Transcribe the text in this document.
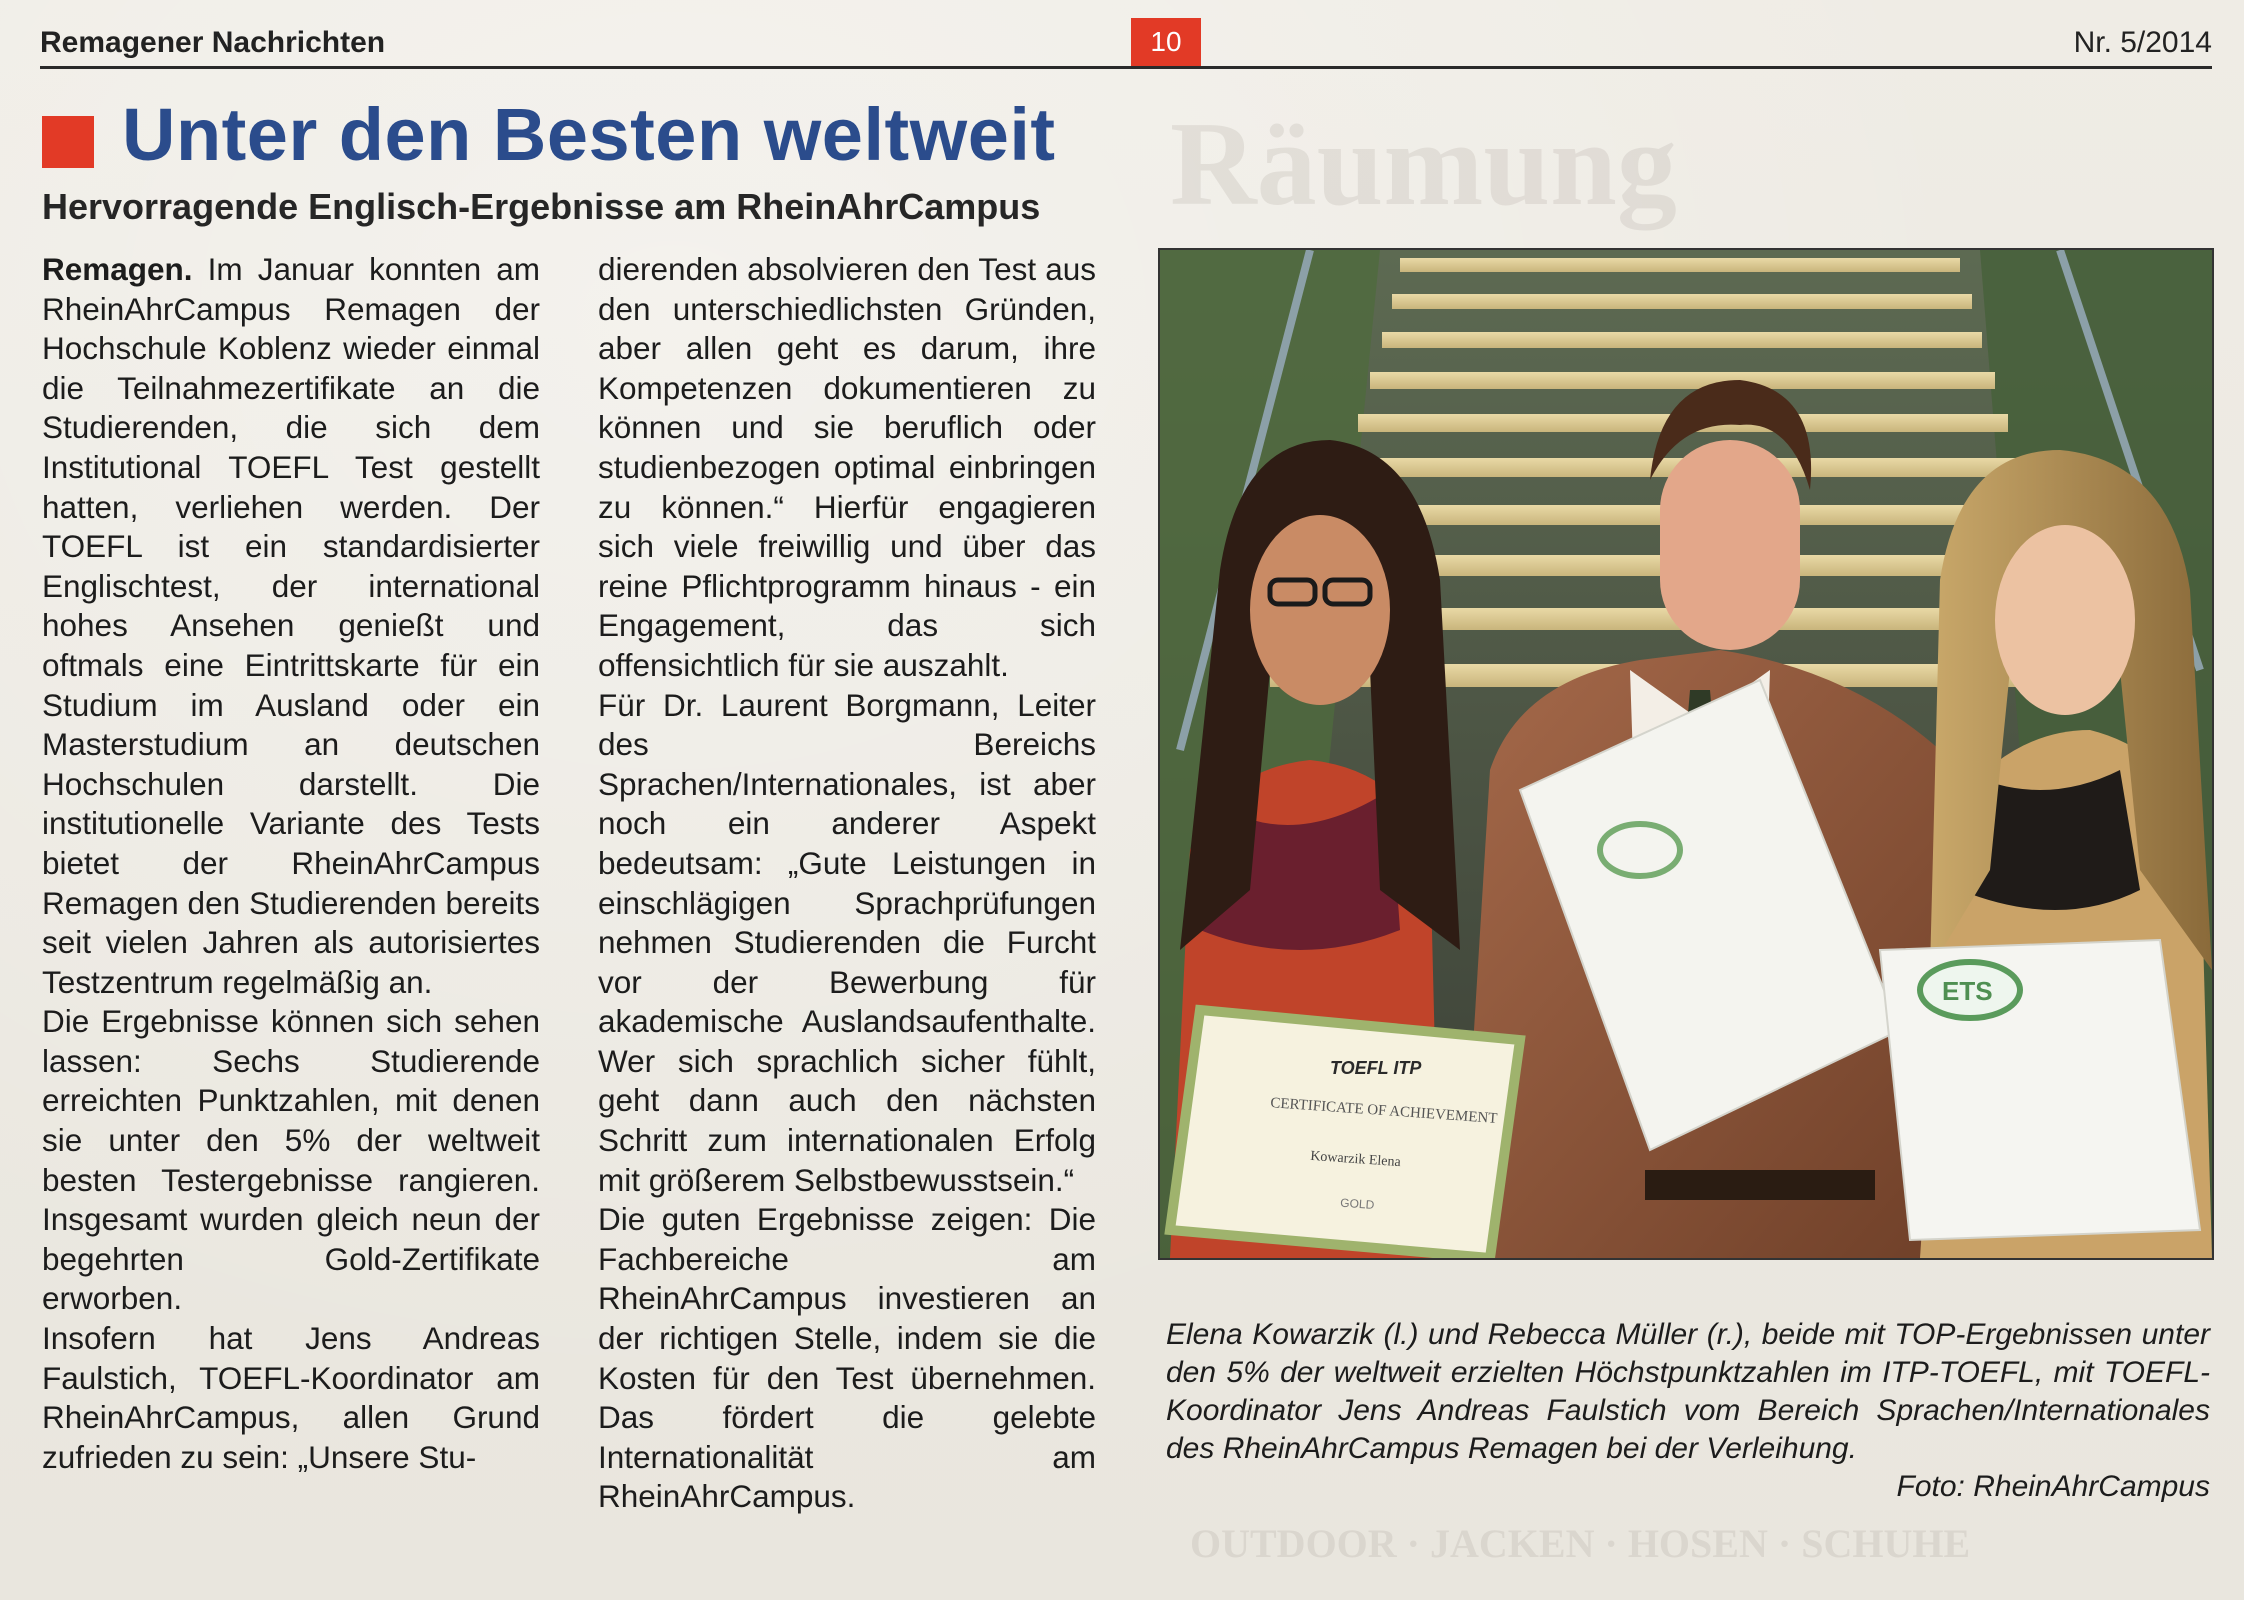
Räumung
OUTDOOR · JACKEN · HOSEN · SCHUHE
Remagener Nachrichten	10	Nr. 5/2014
Unter den Besten weltweit
Hervorragende Englisch-Ergebnisse am RheinAhrCampus

Remagen. Im Januar konnten am RheinAhrCampus Remagen der Hochschule Koblenz wieder einmal die Teilnahmezertifikate an die Studierenden, die sich dem Institutional TOEFL Test gestellt hatten, verliehen werden. Der TOEFL ist ein standardisierter Englischtest, der international hohes Ansehen genießt und oftmals eine Eintrittskarte für ein Studium im Ausland oder ein Masterstudium an deutschen Hochschulen darstellt. Die institutionelle Variante des Tests bietet der RheinAhrCampus Remagen den Studierenden bereits seit vielen Jahren als autorisiertes Testzentrum regelmäßig an.

Die Ergebnisse können sich sehen lassen: Sechs Studierende erreichten Punktzahlen, mit denen sie unter den 5% der weltweit besten Testergebnisse rangieren. Insgesamt wurden gleich neun der begehrten Gold-Zertifikate erworben.

Insofern hat Jens Andreas Faulstich, TOEFL-Koordinator am RheinAhrCampus, allen Grund zufrieden zu sein: „Unsere Stu-

dierenden absolvieren den Test aus den unterschiedlichsten Gründen, aber allen geht es darum, ihre Kompetenzen dokumentieren zu können und sie beruflich oder studienbezogen optimal einbringen zu können.“ Hierfür engagieren sich viele freiwillig und über das reine Pflichtprogramm hinaus - ein Engagement, das sich offensichtlich für sie auszahlt.

Für Dr. Laurent Borgmann, Leiter des Bereichs Sprachen/Internationales, ist aber noch ein anderer Aspekt bedeutsam: „Gute Leistungen in einschlägigen Sprachprüfungen nehmen Studierenden die Furcht vor der Bewerbung für akademische Auslandsaufenthalte. Wer sich sprachlich sicher fühlt, geht dann auch den nächsten Schritt zum internationalen Erfolg mit größerem Selbstbewusstsein.“

Die guten Ergebnisse zeigen: Die Fachbereiche am RheinAhrCampus investieren an der richtigen Stelle, indem sie die Kosten für den Test übernehmen. Das fördert die gelebte Internationalität am RheinAhrCampus.

TOEFL ITP
CERTIFICATE OF ACHIEVEMENT
Kowarzik Elena
GOLD
ETS
Elena Kowarzik (l.) und Rebecca Müller (r.), beide mit TOP-Ergebnissen unter den 5% der weltweit erzielten Höchstpunktzahlen im ITP-TOEFL, mit TOEFL-Koordinator Jens Andreas Faulstich vom Bereich Sprachen/Internationales des RheinAhrCampus Remagen bei der Verleihung.
Foto: RheinAhrCampus
